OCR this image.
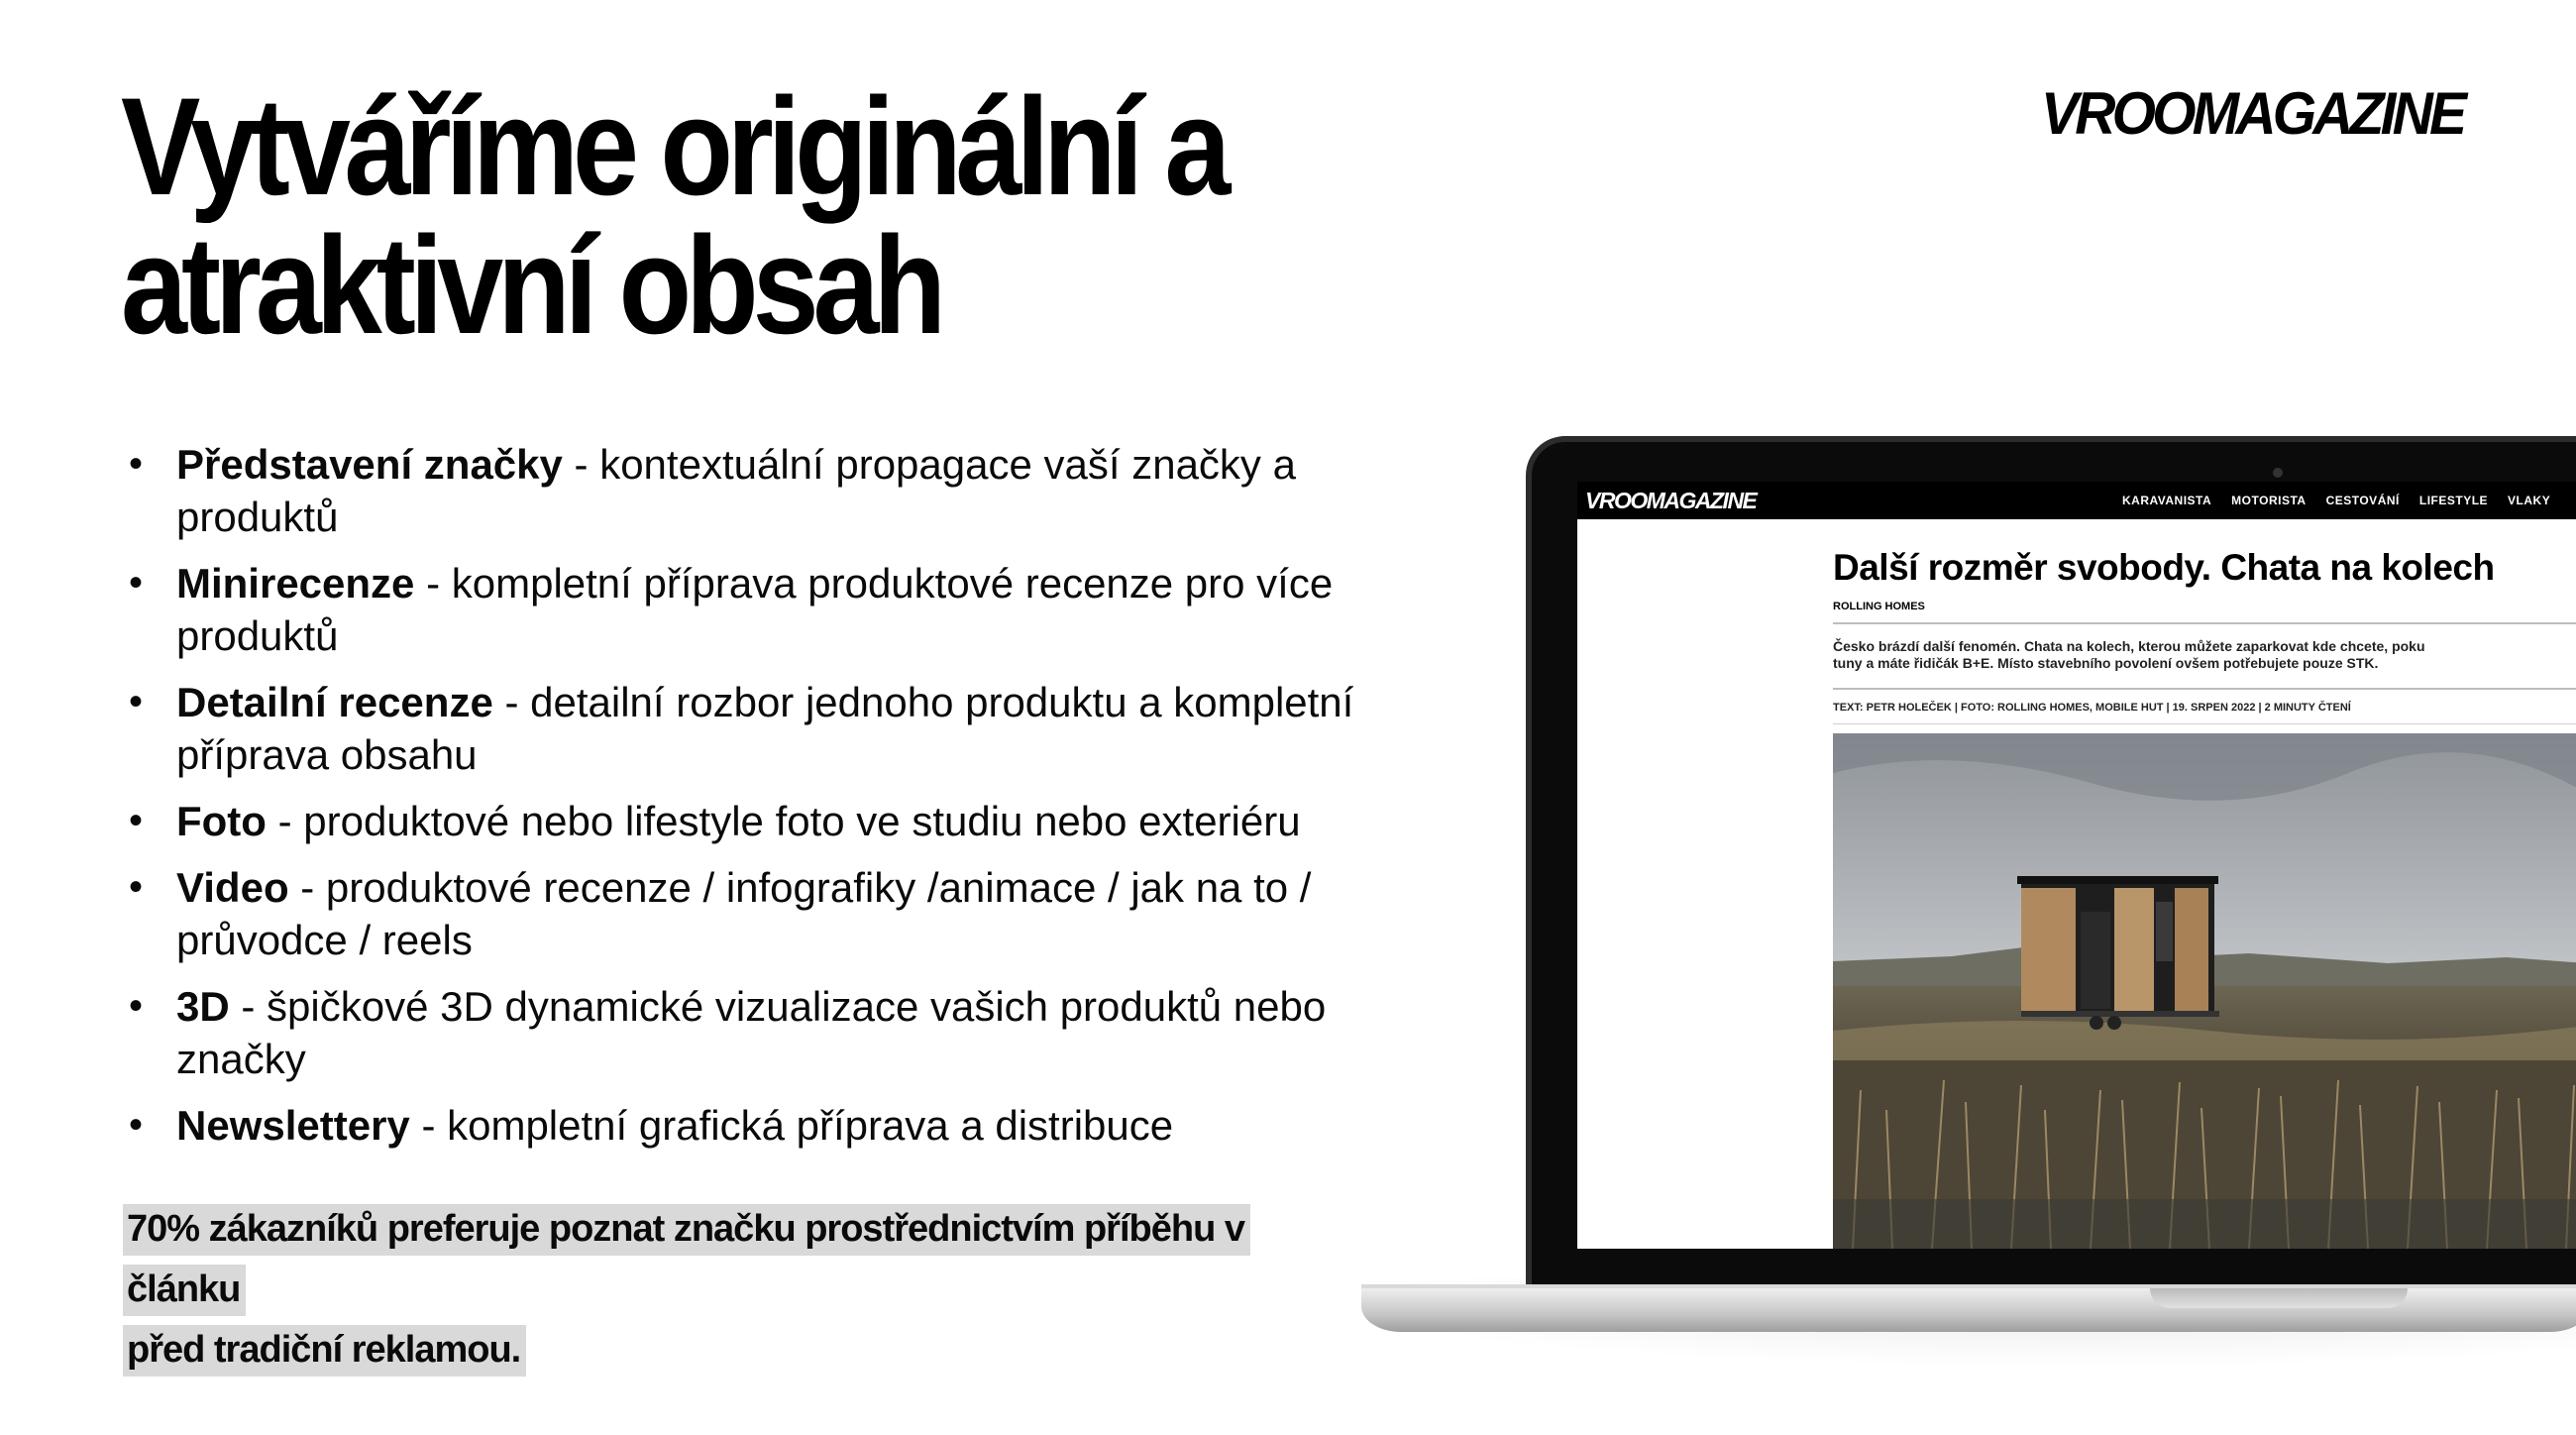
Vytváříme originální a
atraktivní obsah
VROOMAGAZINE
• Představení značky - kontextuální propagace vaší značky a produktů
• Minirecenze - kompletní příprava produktové recenze pro více produktů
• Detailní recenze - detailní rozbor jednoho produktu a kompletní příprava obsahu
• Foto - produktové nebo lifestyle foto ve studiu nebo exteriéru
• Video - produktové recenze / infografiky /animace / jak na to / průvodce / reels
• 3D - špičkové 3D dynamické vizualizace vašich produktů nebo značky
• Newslettery - kompletní grafická příprava a distribuce
70% zákazníků preferuje poznat značku prostřednictvím příběhu v článku
před tradiční reklamou.
VROOMAGAZINE	KARAVANISTA MOTORISTA CESTOVÁNÍ LIFESTYLE VLAKY
Další rozměr svobody. Chata na kolech
ROLLING HOMES
Česko brázdí další fenomén. Chata na kolech, kterou můžete zaparkovat kde chcete, poku
tuny a máte řidičák B+E. Místo stavebního povolení ovšem potřebujete pouze STK.
TEXT: PETR HOLEČEK | FOTO: ROLLING HOMES, MOBILE HUT | 19. SRPEN 2022 | 2 MINUTY ČTENÍ
